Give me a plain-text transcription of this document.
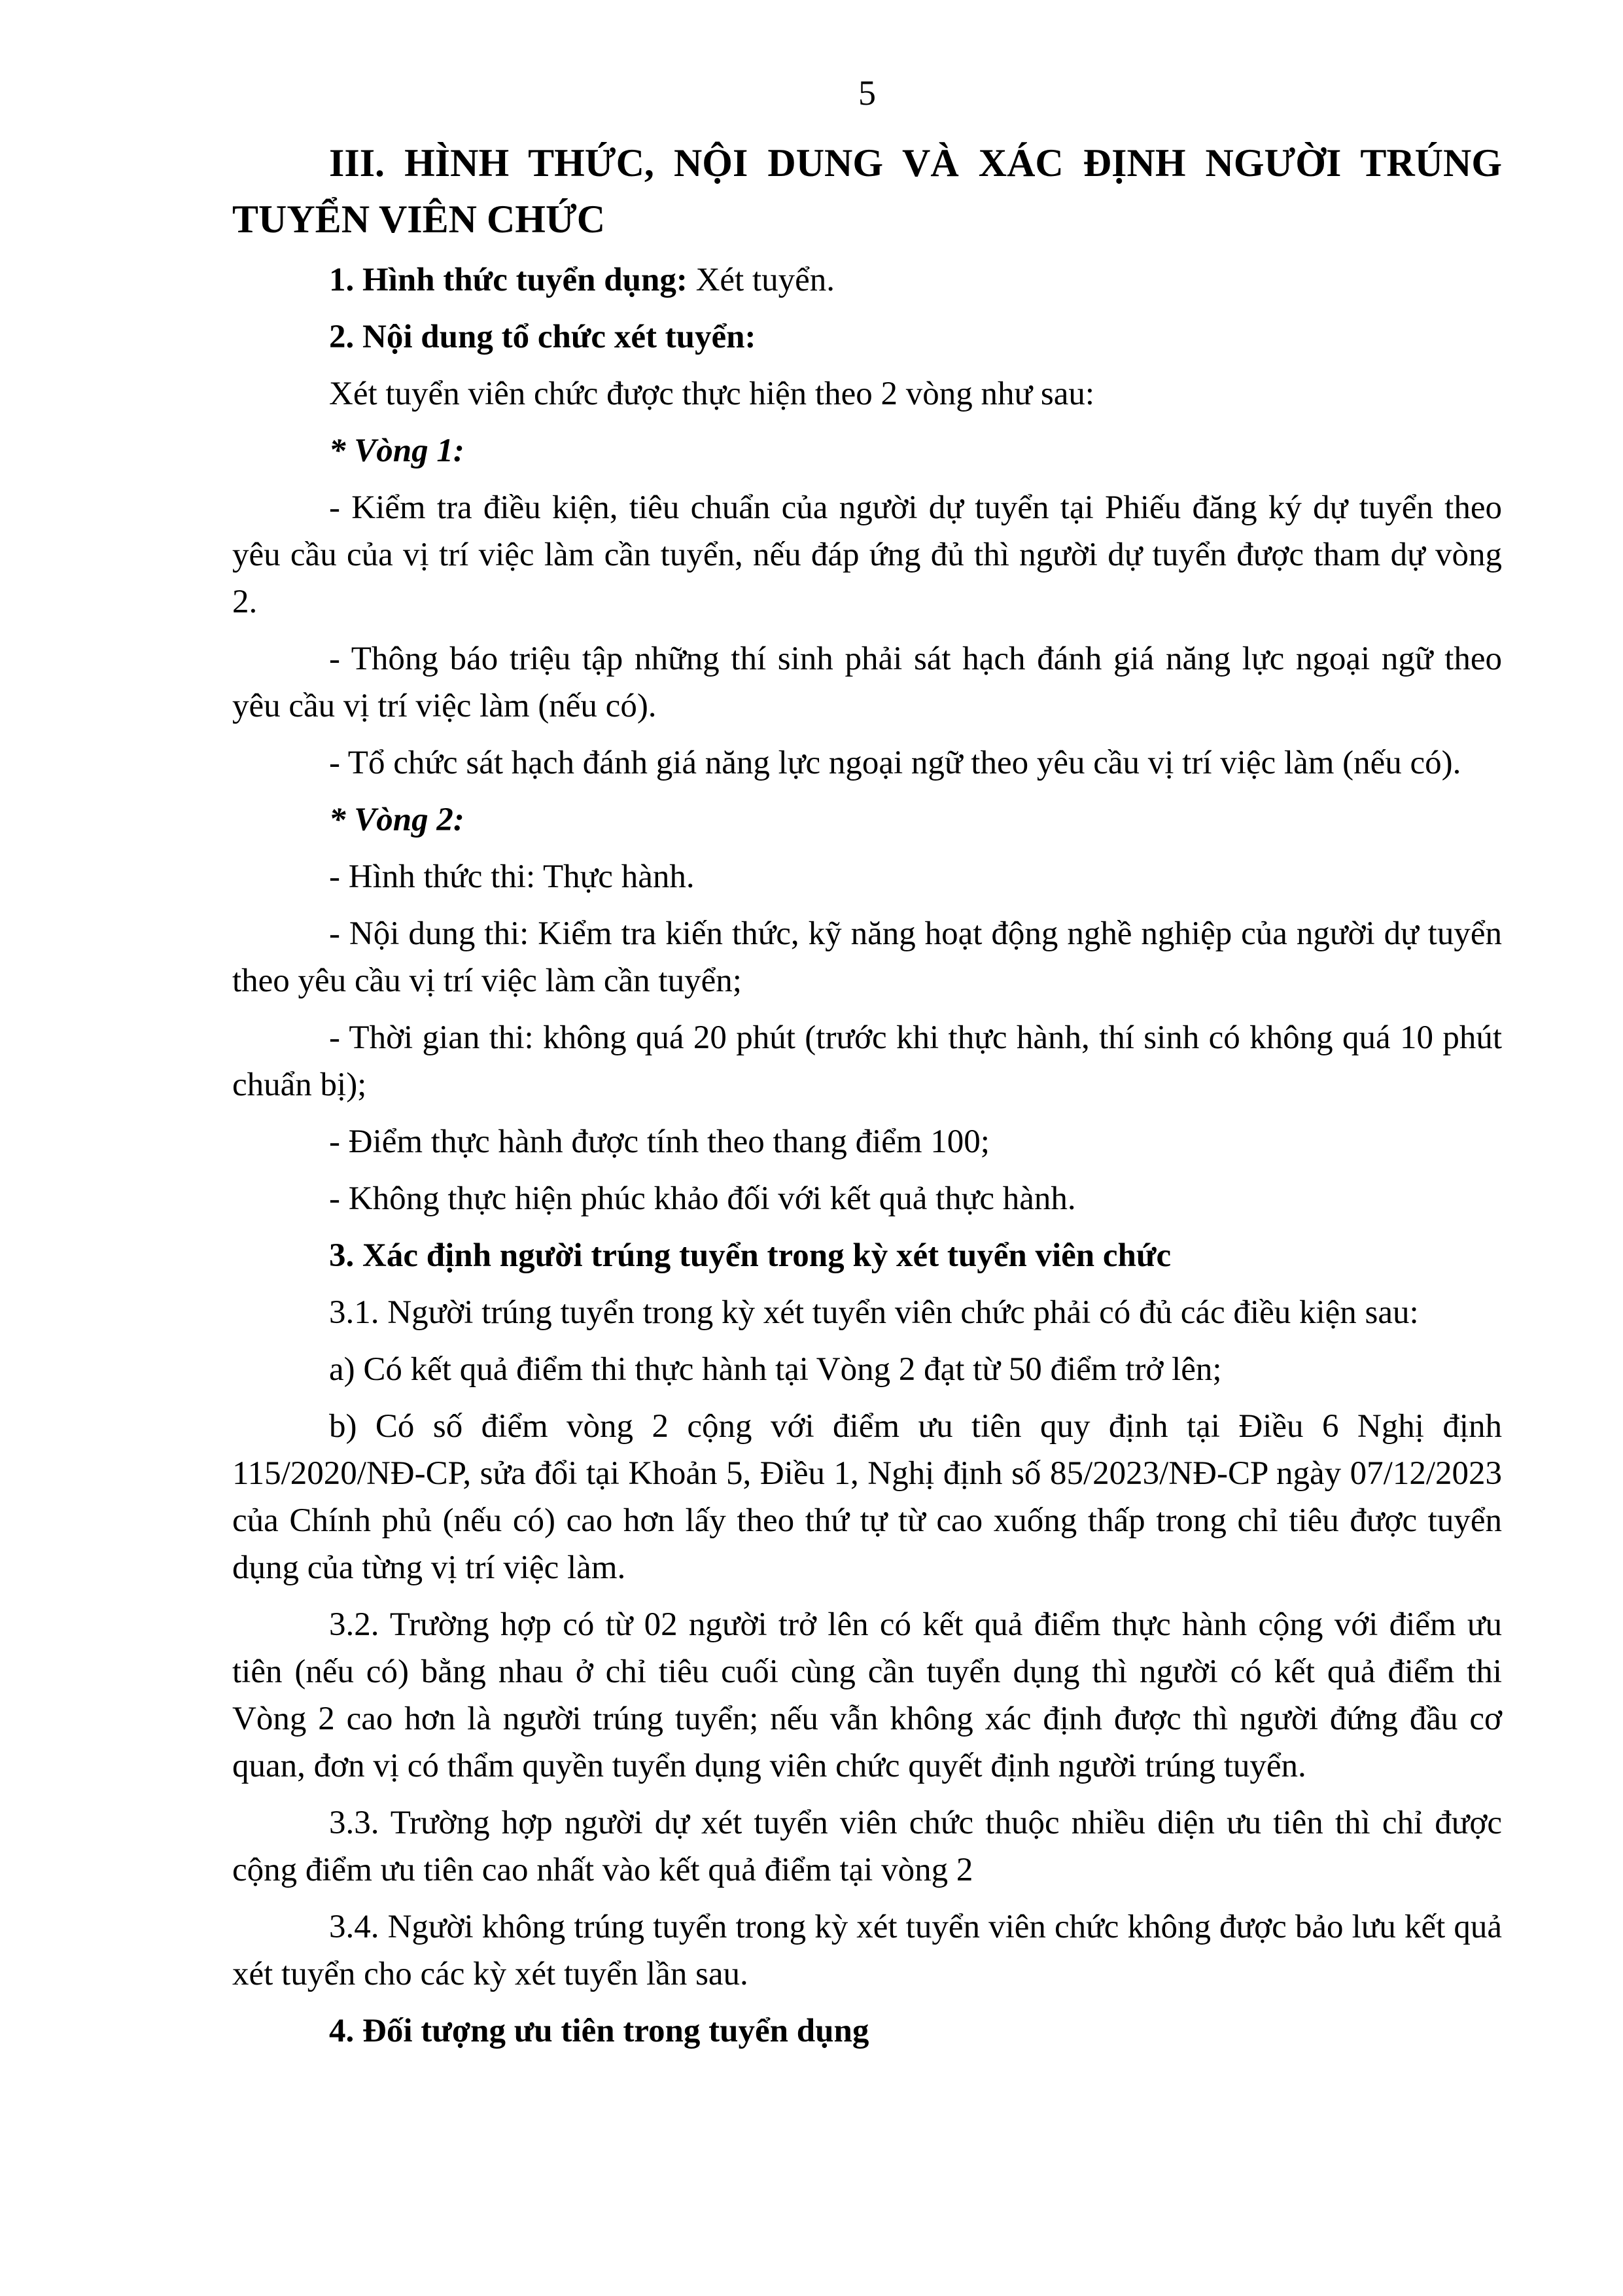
5
III. HÌNH THỨC, NỘI DUNG VÀ XÁC ĐỊNH NGƯỜI TRÚNG TUYỂN VIÊN CHỨC

1. Hình thức tuyển dụng: Xét tuyển.

2. Nội dung tổ chức xét tuyển:

Xét tuyển viên chức được thực hiện theo 2 vòng như sau:

* Vòng 1:

- Kiểm tra điều kiện, tiêu chuẩn của người dự tuyển tại Phiếu đăng ký dự tuyển theo yêu cầu của vị trí việc làm cần tuyển, nếu đáp ứng đủ thì người dự tuyển được tham dự vòng 2.

- Thông báo triệu tập những thí sinh phải sát hạch đánh giá năng lực ngoại ngữ theo yêu cầu vị trí việc làm (nếu có).

- Tổ chức sát hạch đánh giá năng lực ngoại ngữ theo yêu cầu vị trí việc làm (nếu có).

* Vòng 2:

- Hình thức thi: Thực hành.

- Nội dung thi: Kiểm tra kiến thức, kỹ năng hoạt động nghề nghiệp của người dự tuyển theo yêu cầu vị trí việc làm cần tuyển;

- Thời gian thi: không quá 20 phút (trước khi thực hành, thí sinh có không quá 10 phút chuẩn bị);

- Điểm thực hành được tính theo thang điểm 100;

- Không thực hiện phúc khảo đối với kết quả thực hành.

3. Xác định người trúng tuyển trong kỳ xét tuyển viên chức

3.1. Người trúng tuyển trong kỳ xét tuyển viên chức phải có đủ các điều kiện sau:

a) Có kết quả điểm thi thực hành tại Vòng 2 đạt từ 50 điểm trở lên;

b) Có số điểm vòng 2 cộng với điểm ưu tiên quy định tại Điều 6 Nghị định 115/2020/NĐ-CP, sửa đổi tại Khoản 5, Điều 1, Nghị định số 85/2023/NĐ-CP ngày 07/12/2023 của Chính phủ (nếu có) cao hơn lấy theo thứ tự từ cao xuống thấp trong chỉ tiêu được tuyển dụng của từng vị trí việc làm.

3.2. Trường hợp có từ 02 người trở lên có kết quả điểm thực hành cộng với điểm ưu tiên (nếu có) bằng nhau ở chỉ tiêu cuối cùng cần tuyển dụng thì người có kết quả điểm thi Vòng 2 cao hơn là người trúng tuyển; nếu vẫn không xác định được thì người đứng đầu cơ quan, đơn vị có thẩm quyền tuyển dụng viên chức quyết định người trúng tuyển.

3.3. Trường hợp người dự xét tuyển viên chức thuộc nhiều diện ưu tiên thì chỉ được cộng điểm ưu tiên cao nhất vào kết quả điểm tại vòng 2

3.4. Người không trúng tuyển trong kỳ xét tuyển viên chức không được bảo lưu kết quả xét tuyển cho các kỳ xét tuyển lần sau.

4. Đối tượng ưu tiên trong tuyển dụng
